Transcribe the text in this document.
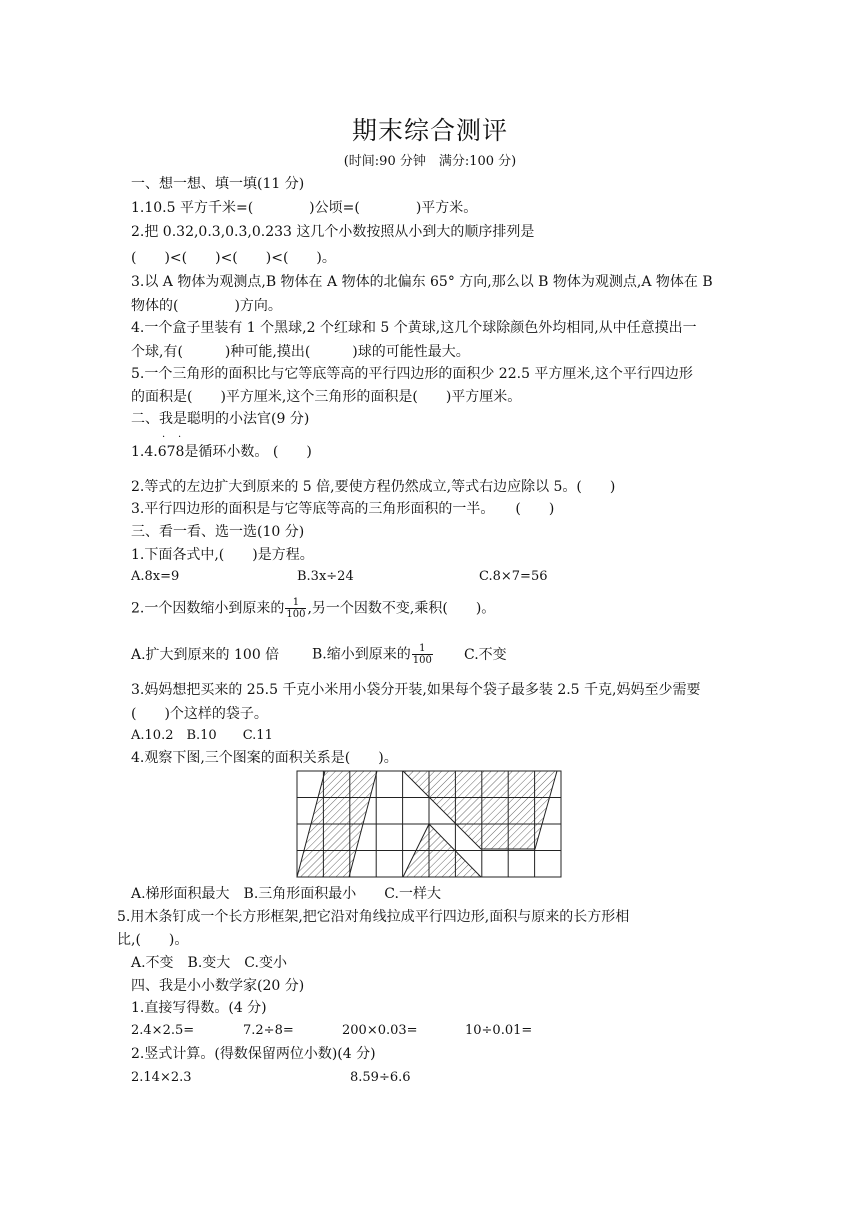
期末综合测评
(时间:90 分钟　满分:100 分)
一、想一想、填一填(11 分)
1.10.5 平方千米=(　　　　)公顷=(　　　　)平方米。
2.把 0.32,0.3,0.3̇,0.233 这几个小数按照从小到大的顺序排列是
(　　)<(　　)<(　　)<(　　)。
3.以 A 物体为观测点,B 物体在 A 物体的北偏东 65° 方向,那么以 B 物体为观测点,A 物体在 B
物体的(　　　　)方向。
4.一个盒子里装有 1 个黑球,2 个红球和 5 个黄球,这几个球除颜色外均相同,从中任意摸出一
个球,有(　　　)种可能,摸出(　　　)球的可能性最大。
5.一个三角形的面积比与它等底等高的平行四边形的面积少 22.5 平方厘米,这个平行四边形
的面积是(　　)平方厘米,这个三角形的面积是(　　)平方厘米。
二、我是聪明的小法官(9 分)
· ·
1.4.678是循环小数。 (　　)
2.等式的左边扩大到原来的 5 倍,要使方程仍然成立,等式右边应除以 5。(　　)
3.平行四边形的面积是与它等底等高的三角形面积的一半。　　(　　)
三、看一看、选一选(10 分)
1.下面各式中,(　　)是方程。
A.8x=9	B.3x÷24	C.8×7=56
2.一个因数缩小到原来的 $\frac{1}{100}$ ,另一个因数不变,乘积(　　)。
A.扩大到原来的 100 倍 B.缩小到原来的 $\frac{1}{100} C$.不变
3.妈妈想把买来的 25.5 千克小米用小袋分开装,如果每个袋子最多装 2.5 千克,妈妈至少需要
(　　)个这样的袋子。
A.10.2　B.10　　C.11
4.观察下图,三个图案的面积关系是(　　)。
A.梯形面积最大　B.三角形面积最小　　C.一样大
5.用木条钉成一个长方形框架,把它沿对角线拉成平行四边形,面积与原来的长方形相
比,(　　)。
A.不变　B.变大　C.变小
四、我是小小数学家(20 分)
1.直接写得数。(4 分)
2.4×2.5=	7.2÷8=	200×0.03=	10÷0.01=
2.竖式计算。(得数保留两位小数)(4 分)
2.14×2.3	8.59÷6.6
